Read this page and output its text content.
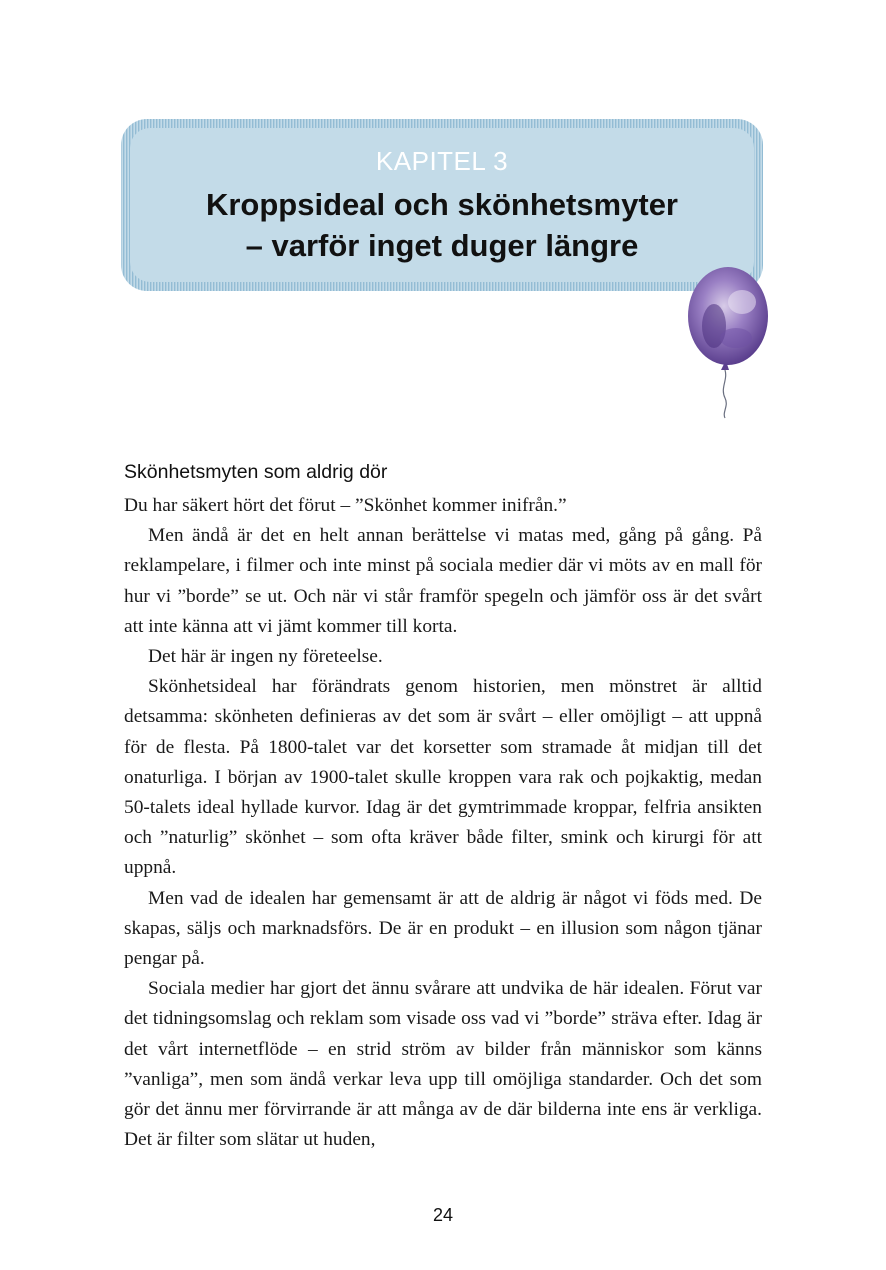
KAPITEL 3
Kroppsideal och skönhetsmyter
– varför inget duger längre
Skönhetsmyten som aldrig dör

Du har säkert hört det förut – ”Skönhet kommer inifrån.”

Men ändå är det en helt annan berättelse vi matas med, gång på gång. På reklampelare, i filmer och inte minst på sociala medier där vi möts av en mall för hur vi ”borde” se ut. Och när vi står framför spegeln och jämför oss är det svårt att inte känna att vi jämt kommer till korta.

Det här är ingen ny företeelse.

Skönhetsideal har förändrats genom historien, men mönstret är alltid detsamma: skönheten definieras av det som är svårt – eller omöjligt – att uppnå för de flesta. På 1800-talet var det korsetter som stramade åt midjan till det onaturliga. I början av 1900-talet skulle kroppen vara rak och pojkaktig, medan 50-talets ideal hyllade kurvor. Idag är det gymtrimmade kroppar, felfria ansikten och ”naturlig” skönhet – som ofta kräver både filter, smink och kirurgi för att uppnå.

Men vad de idealen har gemensamt är att de aldrig är något vi föds med. De skapas, säljs och marknadsförs. De är en produkt – en illusion som någon tjänar pengar på.

Sociala medier har gjort det ännu svårare att undvika de här idealen. Förut var det tidningsomslag och reklam som visade oss vad vi ”borde” sträva efter. Idag är det vårt internetflöde – en strid ström av bilder från människor som känns ”vanliga”, men som ändå verkar leva upp till omöjliga standarder. Och det som gör det ännu mer förvirrande är att många av de där bilderna inte ens är verkliga. Det är filter som slätar ut huden,

24
